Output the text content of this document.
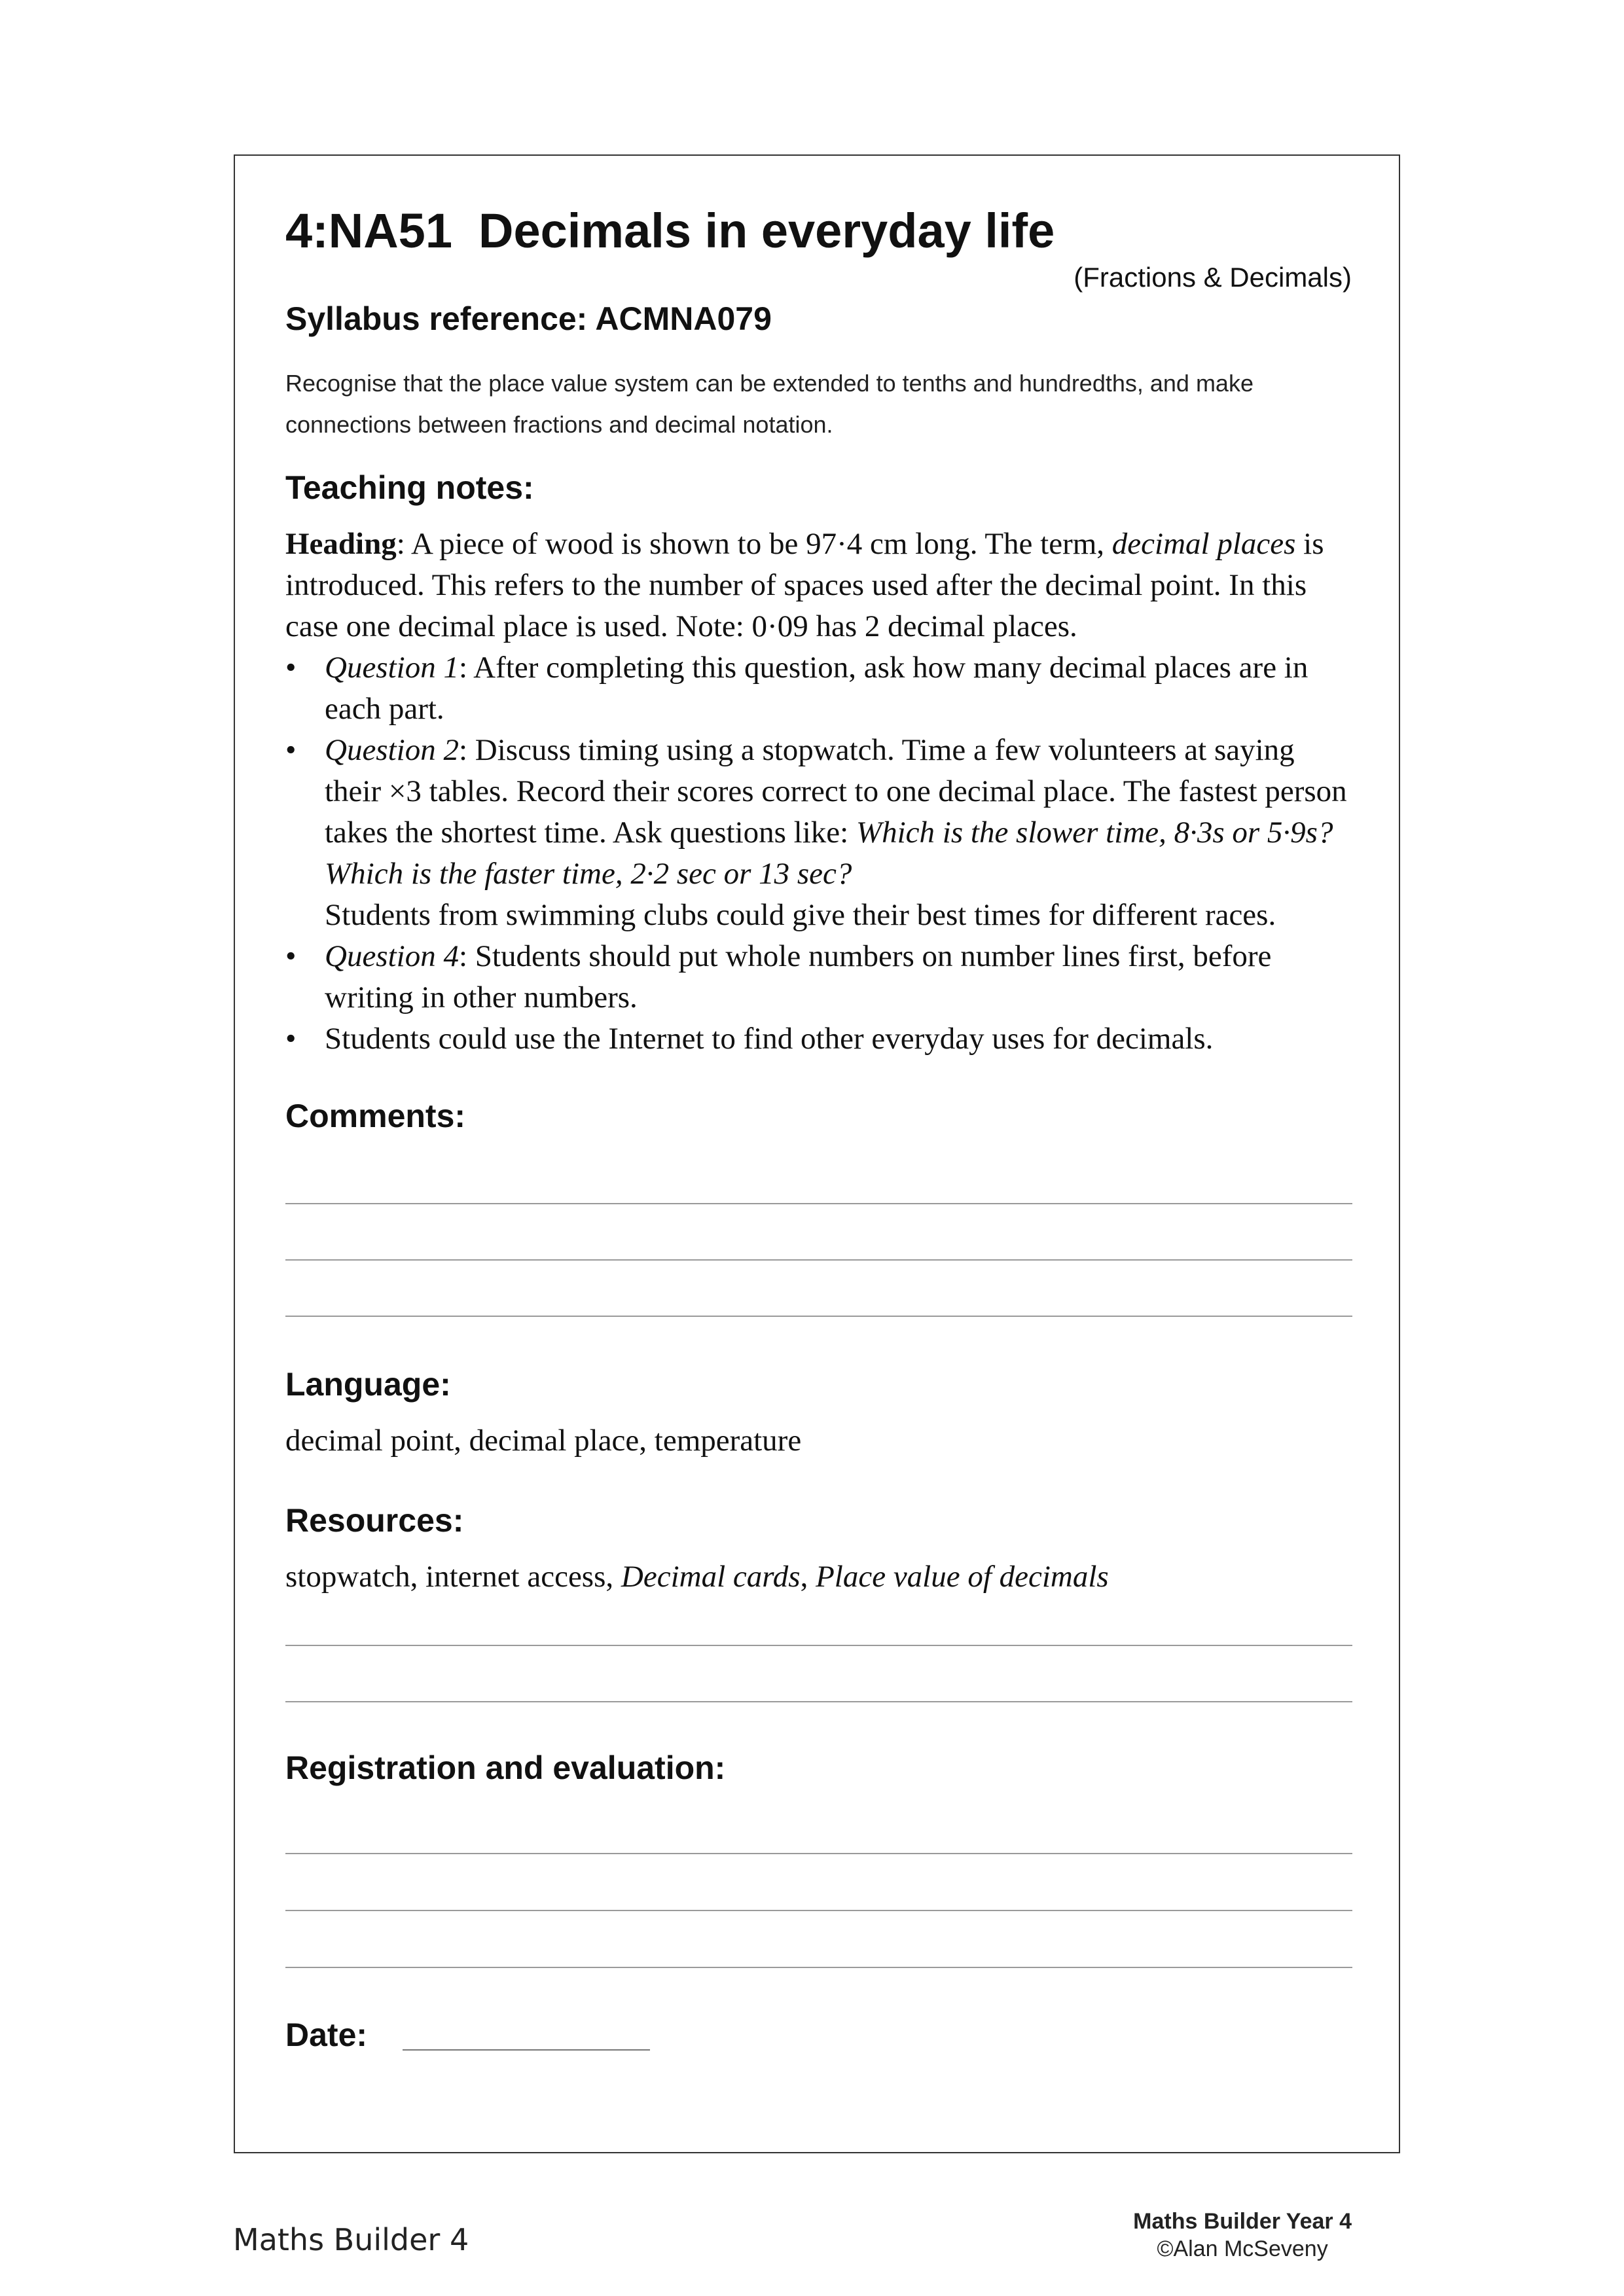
4:NA51 Decimals in everyday life
(Fractions & Decimals)
Syllabus reference: ACMNA079
Recognise that the place value system can be extended to tenths and hundredths, and make connections between fractions and decimal notation.
Teaching notes:

Heading: A piece of wood is shown to be 97·4 cm long. The term, decimal places is introduced. This refers to the number of spaces used after the decimal point. In this case one decimal place is used. Note: 0·09 has 2 decimal places.

• Question 1: After completing this question, ask how many decimal places are in each part.
• Question 2: Discuss timing using a stopwatch. Time a few volunteers at saying their ×3 tables. Record their scores correct to one decimal place. The fastest person takes the shortest time. Ask questions like: Which is the slower time, 8·3s or 5·9s? Which is the faster time, 2·2 sec or 13 sec?
Students from swimming clubs could give their best times for different races.
• Question 4: Students should put whole numbers on number lines first, before writing in other numbers.
• Students could use the Internet to find other everyday uses for decimals.
Comments:
Language:
decimal point, decimal place, temperature
Resources:
stopwatch, internet access, Decimal cards, Place value of decimals
Registration and evaluation:
Date:
Maths Builder 4
Maths Builder Year 4
©Alan McSeveny
